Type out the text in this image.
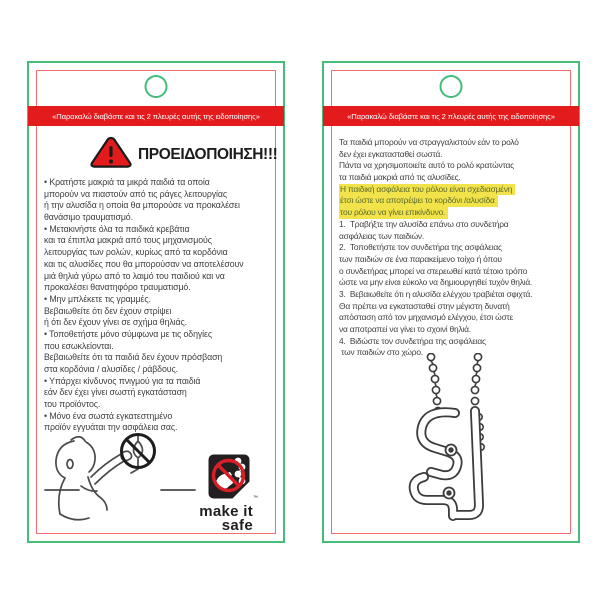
«Παρακαλώ διαβάστε και τις 2 πλευρές αυτής της ειδοποίησης»
ΠΡΟΕΙΔΟΠΟΙΗΣΗ!!!
• Κρατήστε μακριά τα μικρά παιδιά τα οποία
μπορούν να πιαστούν από τις ράγες λειτουργίας
ή την αλυσίδα η οποία θα μπορούσε να προκαλέσει
θανάσιμο τραυματισμό.
• Μετακινήστε όλα τα παιδικά κρεβάτια
και τα έπιπλα μακριά από τους μηχανισμούς
λειτουργίας των ρολών, κυρίως από τα κορδόνια
και τις αλυσίδες που θα μπορούσαν να αποτελέσουν
μιά θηλιά γύρω από το λαιμό του παιδιού και να
προκαλέσει θανατηφόρο τραυματισμό.
• Μην μπλέκετε τις γραμμές.
Βεβαιωθείτε ότι δεν έχουν στρίψει
ή ότι δεν έχουν γίνει σε σχήμα θηλιάς.
• Τοποθετήστε μόνο σύμφωνα με τις οδηγίες
που εσωκλείονται.
Βεβαιωθείτε ότι τα παιδιά δεν έχουν πρόσβαση
στα κορδόνια / αλυσίδες / ράβδους.
• Υπάρχει κίνδυνος πνιγμού για τα παιδιά
εάν δεν έχει γίνει σωστή εγκατάσταση
του προϊόντος.
• Μόνο ένα σωστά εγκατεστημένο
προϊόν εγγυάται την ασφάλεια σας.
™
make it
safe
«Παρακαλώ διαβάστε και τις 2 πλευρές αυτής της ειδοποίησης»
Τα παιδιά μπορούν να στραγγαλιστούν εάν το ρολό
δεν έχει εγκατασταθεί σωστά.
Πάντα να χρησιμοποιείτε αυτό το ρολό κρατώντας
τα παιδιά μακριά από τις αλυσίδες.
Η παιδική ασφάλεια του ρόλου είναι σχεδιασμένη
έτσι ώστε να αποτρέψει το κορδόνι /αλυσίδα
του ρόλου να γίνει επικίνδυνο.
1.  Τραβήξτε την αλυσίδα επάνω στο συνδετήρα
ασφάλειας των παιδιών.
2.  Τοποθετήστε τον συνδετήρα της ασφάλειας
των παιδιών σε ένα παρακείμενο τοίχο ή όπου
ο συνδετήρας μπορεί να στερεωθεί κατά τέτοιο τρόπο
ώστε να μην είναι εύκολο να δημιουργηθεί τυχόν θηλιά.
3.  Βεβαιωθείτε ότι η αλυσίδα ελέγχου τραβιέται σφιχτά.
Θα πρέπει να εγκατασταθεί στην μέγιστη δυνατή
απόσταση από τον μηχανισμό ελέγχου, έτσι ώστε
να αποτραπεί να γίνει το σχοινί θηλιά.
4.  Βιδώστε τον συνδετήρα της ασφάλειας
των παιδιών στο χώρο.
